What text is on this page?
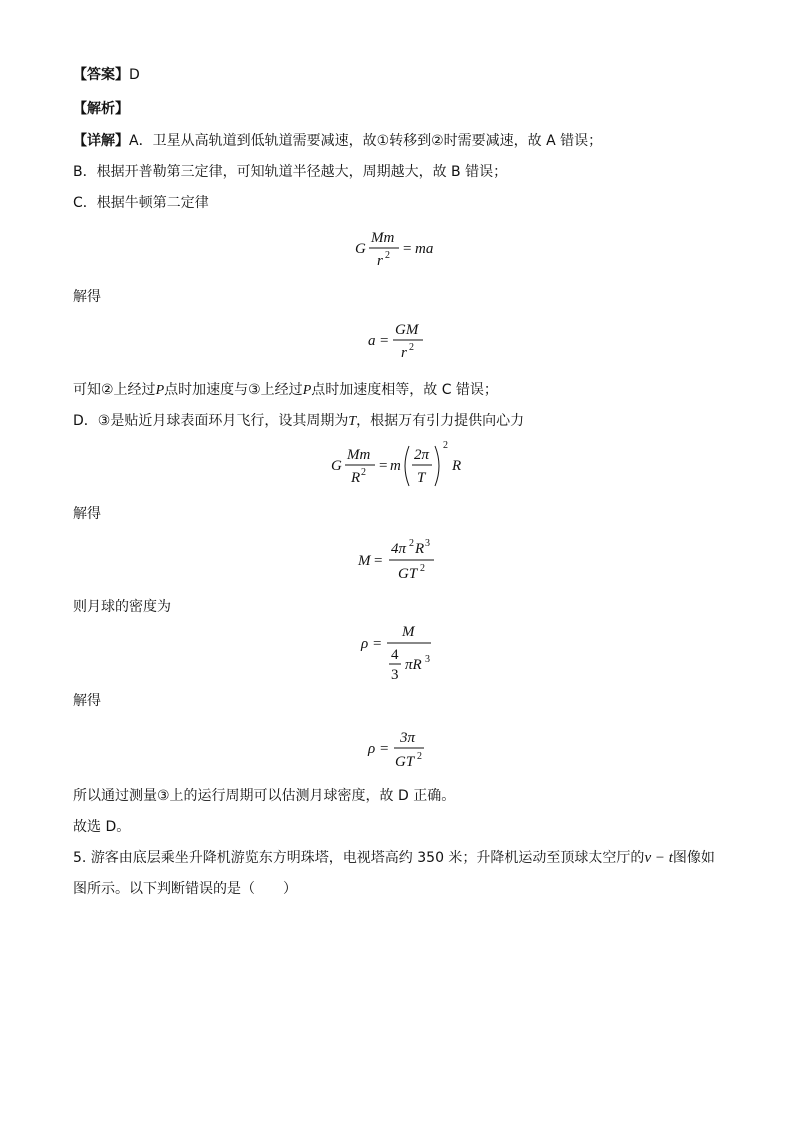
【答案】D
【解析】
【详解】A．卫星从高轨道到低轨道需要减速，故①转移到②时需要减速，故 A 错误；
B．根据开普勒第三定律，可知轨道半径越大，周期越大，故 B 错误；
C．根据牛顿第二定律
G
Mm
r 2 = ma
解得
a =
GM
r 2
可知②上经过P点时加速度与③上经过P点时加速度相等，故 C 错误；
D．③是贴近月球表面环月飞行，设其周期为T，根据万有引力提供向心力
G
Mm
R 2 = m
2π
T
2
R
解得
M =
4π 2 R 3
GT 2
则月球的密度为
ρ =
M
4
3
πR 3
解得
ρ =
3π
GT 2
所以通过测量③上的运行周期可以估测月球密度，故 D 正确。
故选 D。
5. 游客由底层乘坐升降机游览东方明珠塔，电视塔高约 350 米；升降机运动至顶球太空厅的v − t图像如
图所示。以下判断错误的是（　　）
